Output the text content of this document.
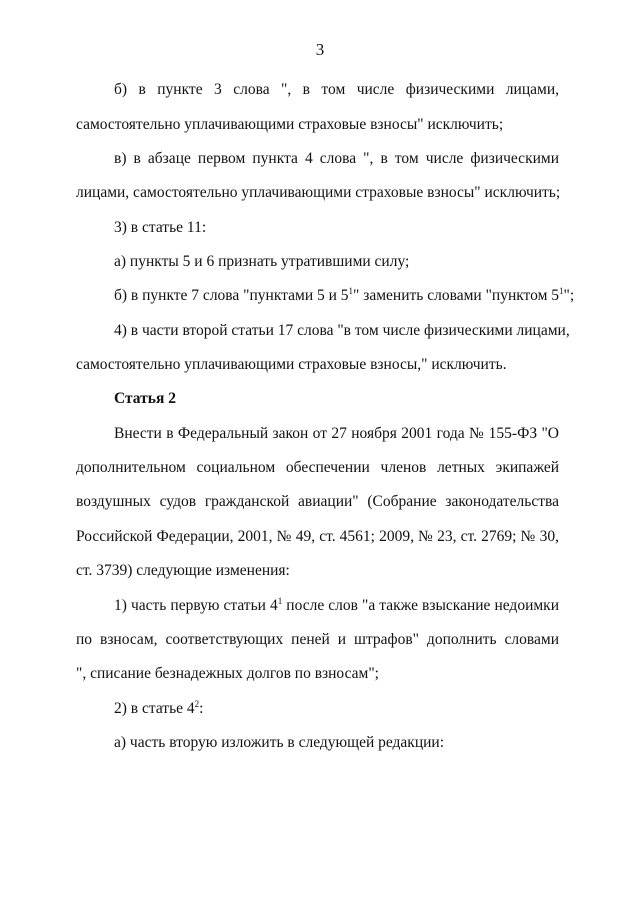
3
б) в пункте 3 слова ", в том числе физическими лицами,
самостоятельно уплачивающими страховые взносы" исключить;
в) в абзаце первом пункта 4 слова ", в том числе физическими
лицами, самостоятельно уплачивающими страховые взносы" исключить;
3) в статье 11:
а) пункты 5 и 6 признать утратившими силу;
б) в пункте 7 слова "пунктами 5 и $5^1$" заменить словами "пунктом $5^1$";
4) в части второй статьи 17 слова "в том числе физическими лицами,
самостоятельно уплачивающими страховые взносы," исключить.
Статья 2
Внести в Федеральный закон от 27 ноября 2001 года № 155-ФЗ "О
дополнительном социальном обеспечении членов летных экипажей
воздушных судов гражданской авиации" (Собрание законодательства
Российской Федерации, 2001, № 49, ст. 4561; 2009, № 23, ст. 2769; № 30,
ст. 3739) следующие изменения:
1) часть первую статьи $4^1$ после слов "а также взыскание недоимки
по взносам, соответствующих пеней и штрафов" дополнить словами
", списание безнадежных долгов по взносам";
2) в статье $4^2$:
а) часть вторую изложить в следующей редакции:
